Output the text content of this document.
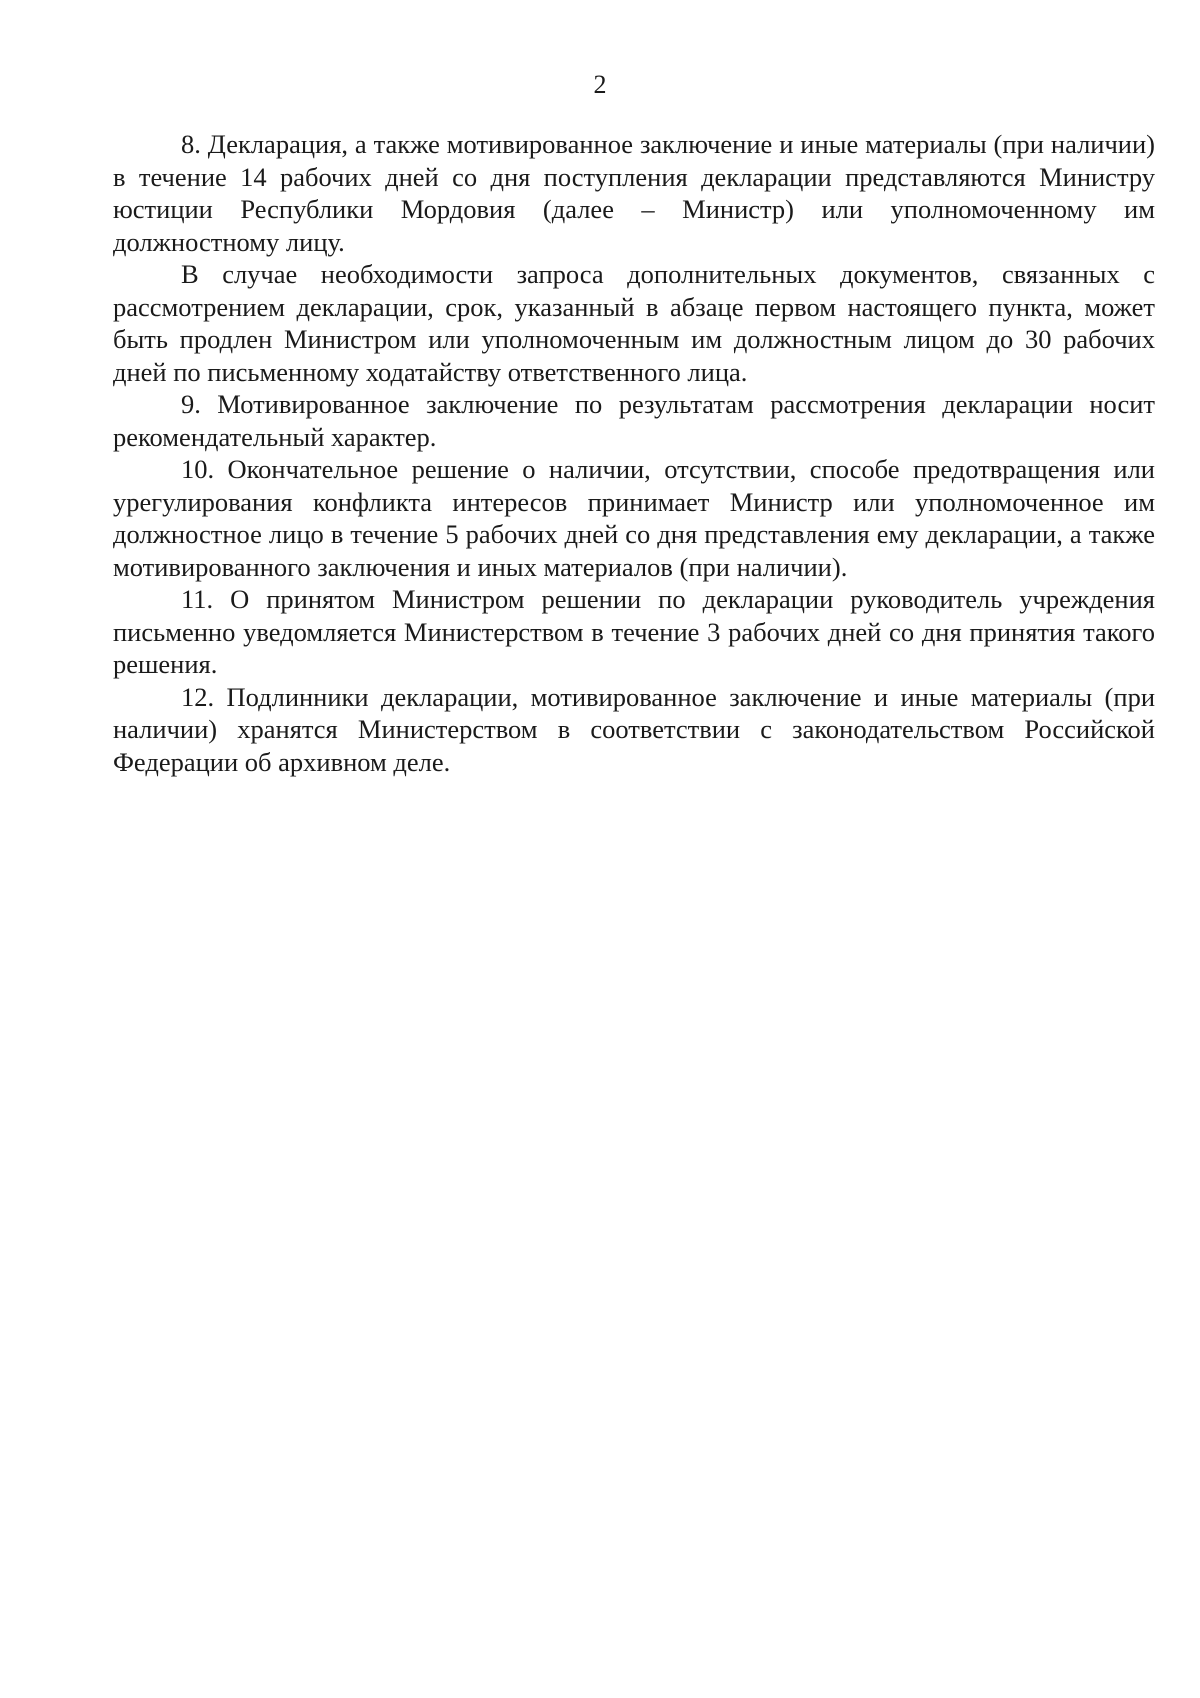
2

8. Декларация, а также мотивированное заключение и иные материалы (при наличии) в течение 14 рабочих дней со дня поступления декларации представляются Министру юстиции Республики Мордовия (далее – Министр) или уполномоченному им должностному лицу.

В случае необходимости запроса дополнительных документов, связанных с рассмотрением декларации, срок, указанный в абзаце первом настоящего пункта, может быть продлен Министром или уполномоченным им должностным лицом до 30 рабочих дней по письменному ходатайству ответственного лица.

9. Мотивированное заключение по результатам рассмотрения декларации носит рекомендательный характер.

10. Окончательное решение о наличии, отсутствии, способе предотвращения или урегулирования конфликта интересов принимает Министр или уполномоченное им должностное лицо в течение 5 рабочих дней со дня представления ему декларации, а также мотивированного заключения и иных материалов (при наличии).

11. О принятом Министром решении по декларации руководитель учреждения письменно уведомляется Министерством в течение 3 рабочих дней со дня принятия такого решения.

12. Подлинники декларации, мотивированное заключение и иные материалы (при наличии) хранятся Министерством в соответствии с законодательством Российской Федерации об архивном деле.
